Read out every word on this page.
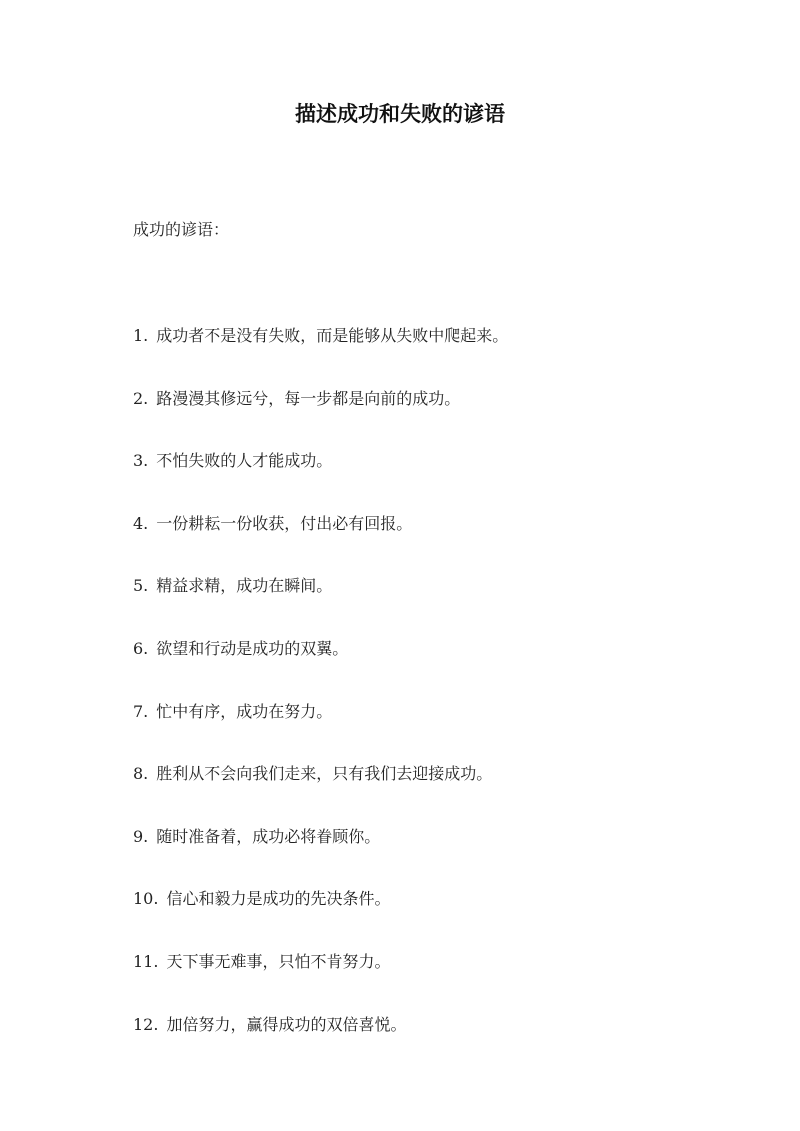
描述成功和失败的谚语
成功的谚语：
1. 成功者不是没有失败，而是能够从失败中爬起来。
2. 路漫漫其修远兮，每一步都是向前的成功。
3. 不怕失败的人才能成功。
4. 一份耕耘一份收获，付出必有回报。
5. 精益求精，成功在瞬间。
6. 欲望和行动是成功的双翼。
7. 忙中有序，成功在努力。
8. 胜利从不会向我们走来，只有我们去迎接成功。
9. 随时准备着，成功必将眷顾你。
10. 信心和毅力是成功的先决条件。
11. 天下事无难事，只怕不肯努力。
12. 加倍努力，赢得成功的双倍喜悦。
